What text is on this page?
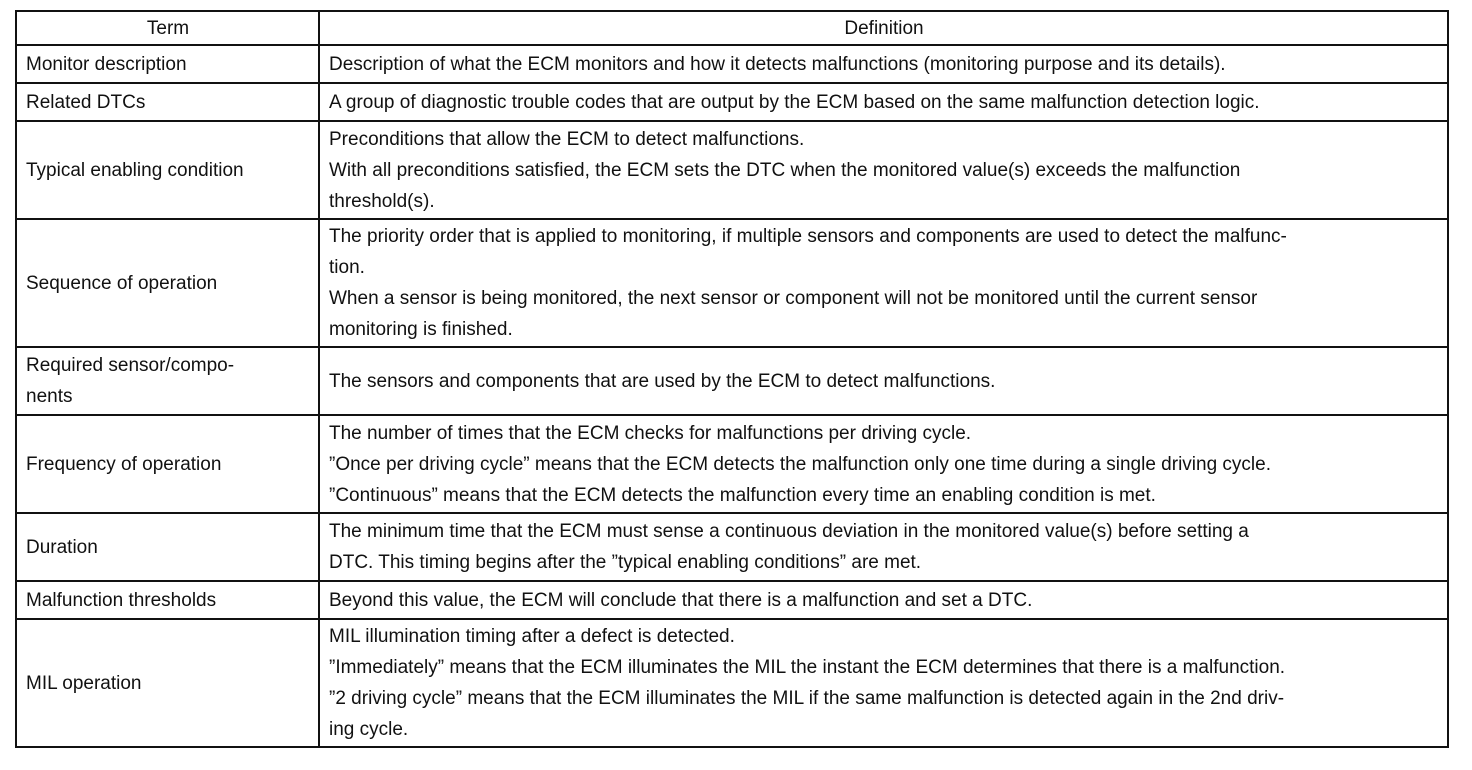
Term	Definition

Monitor description	Description of what the ECM monitors and how it detects malfunctions (monitoring purpose and its details).

Related DTCs	A group of diagnostic trouble codes that are output by the ECM based on the same malfunction detection logic.

Typical enabling condition	Preconditions that allow the ECM to detect malfunctions.
With all preconditions satisfied, the ECM sets the DTC when the monitored value(s) exceeds the malfunction
threshold(s).

Sequence of operation	The priority order that is applied to monitoring, if multiple sensors and components are used to detect the malfunc-
tion.
When a sensor is being monitored, the next sensor or component will not be monitored until the current sensor
monitoring is finished.

Required sensor/compo-
nents	The sensors and components that are used by the ECM to detect malfunctions.

Frequency of operation	The number of times that the ECM checks for malfunctions per driving cycle.
”Once per driving cycle” means that the ECM detects the malfunction only one time during a single driving cycle.
”Continuous” means that the ECM detects the malfunction every time an enabling condition is met.

Duration	The minimum time that the ECM must sense a continuous deviation in the monitored value(s) before setting a
DTC. This timing begins after the ”typical enabling conditions” are met.

Malfunction thresholds	Beyond this value, the ECM will conclude that there is a malfunction and set a DTC.

MIL operation	MIL illumination timing after a defect is detected.
”Immediately” means that the ECM illuminates the MIL the instant the ECM determines that there is a malfunction.
”2 driving cycle” means that the ECM illuminates the MIL if the same malfunction is detected again in the 2nd driv-
ing cycle.
